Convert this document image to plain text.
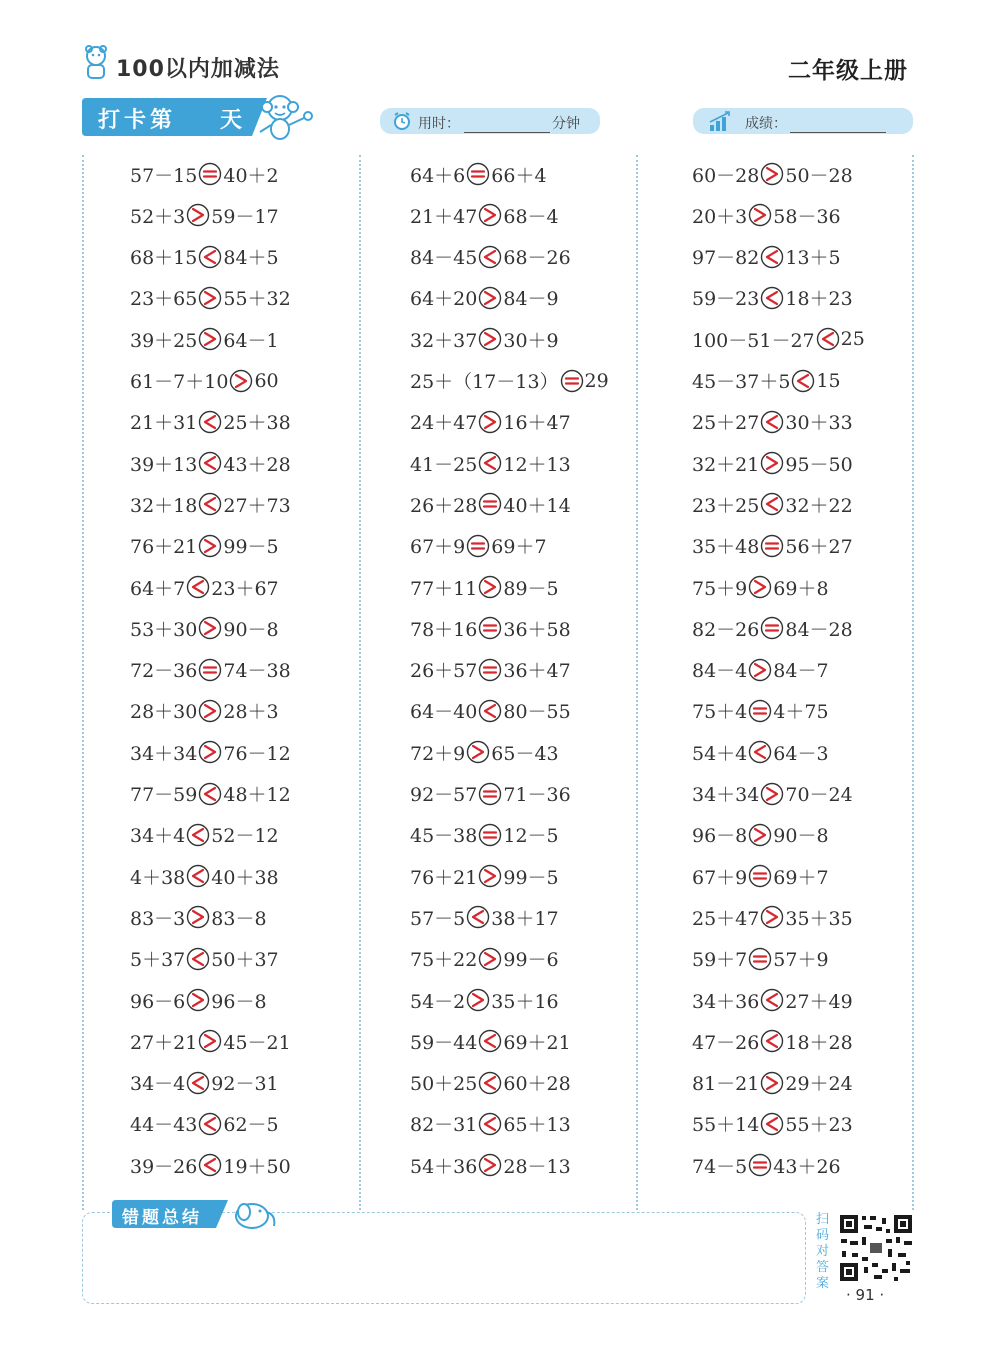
100以内加减法	二年级上册
打卡第 天	用时：	分钟	成绩：
57－15 40＋2
52＋3 59－17
68＋15 84＋5
23＋65 55＋32
39＋25 64－1
61－7＋10 60
21＋31 25＋38
39＋13 43＋28
32＋18 27＋73
76＋21 99－5
64＋7 23＋67
53＋30 90－8
72－36 74－38
28＋30 28＋3
34＋34 76－12
77－59 48＋12
34＋4 52－12
4＋38 40＋38
83－3 83－8
5＋37 50＋37
96－6 96－8
27＋21 45－21
34－4 92－31
44－43 62－5
39－26 19＋50
64＋6 66＋4
21＋47 68－4
84－45 68－26
64＋20 84－9
32＋37 30＋9
25＋（17－13） 29
24＋47 16＋47
41－25 12＋13
26＋28 40＋14
67＋9 69＋7
77＋11 89－5
78＋16 36＋58
26＋57 36＋47
64－40 80－55
72＋9 65－43
92－57 71－36
45－38 12－5
76＋21 99－5
57－5 38＋17
75＋22 99－6
54－2 35＋16
59－44 69＋21
50＋25 60＋28
82－31 65＋13
54＋36 28－13
60－28 50－28
20＋3 58－36
97－82 13＋5
59－23 18＋23
100－51－27 25
45－37＋5 15
25＋27 30＋33
32＋21 95－50
23＋25 32＋22
35＋48 56＋27
75＋9 69＋8
82－26 84－28
84－4 84－7
75＋4 4＋75
54＋4 64－3
34＋34 70－24
96－8 90－8
67＋9 69＋7
25＋47 35＋35
59＋7 57＋9
34＋36 27＋49
47－26 18＋28
81－21 29＋24
55＋14 55＋23
74－5 43＋26
错题总结	扫码对答案
· 91 ·
